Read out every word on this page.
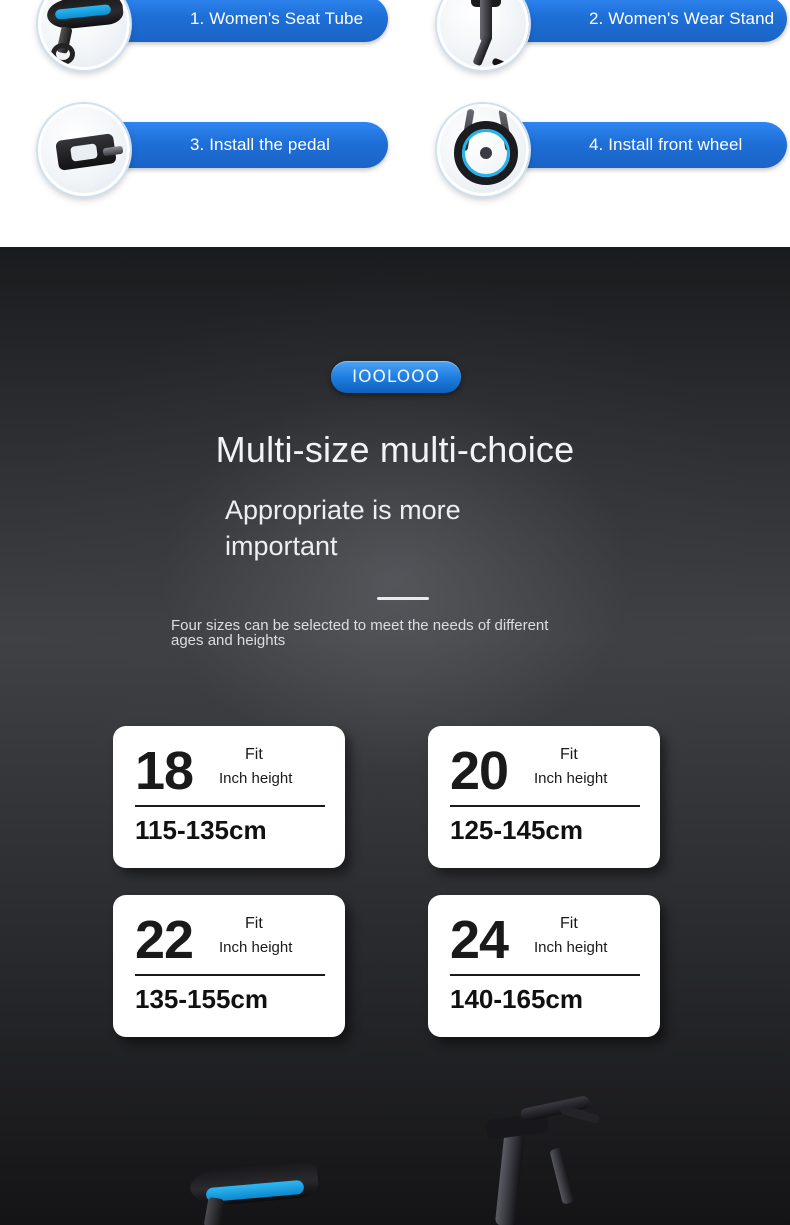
1. Women's Seat Tube	2. Women's Wear Stand
3. Install the pedal	4. Install front wheel
IOOLOOO
Multi-size multi-choice
Appropriate is more important
Four sizes can be selected to meet the needs of different
ages and heights
18	Fit
Inch height
115-135cm
20	Fit
Inch height
125-145cm
22	Fit
Inch height
135-155cm
24	Fit
Inch height
140-165cm
